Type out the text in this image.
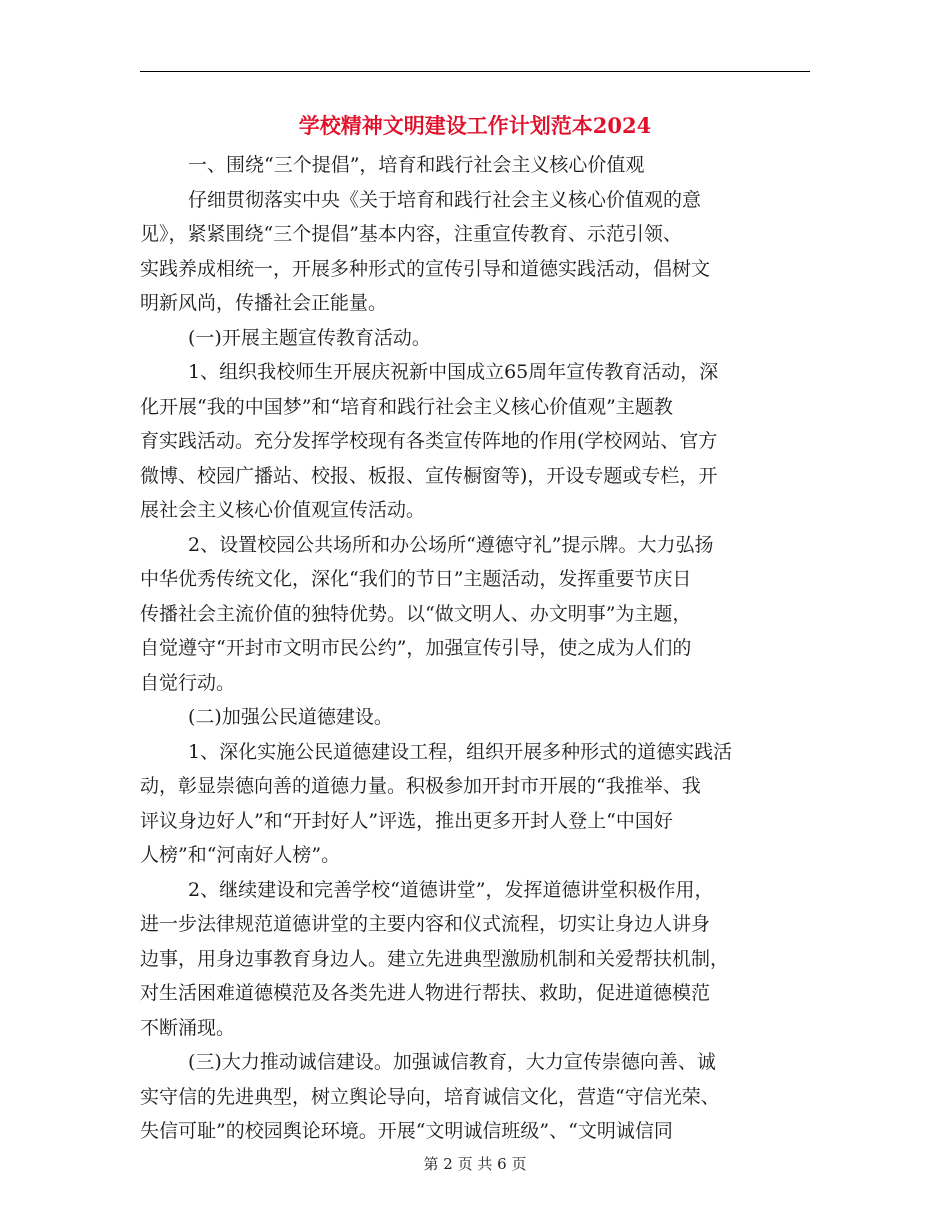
学校精神文明建设工作计划范本2024
一、围绕“三个提倡”，培育和践行社会主义核心价值观
仔细贯彻落实中央《关于培育和践行社会主义核心价值观的意
见》，紧紧围绕“三个提倡”基本内容，注重宣传教育、示范引领、
实践养成相统一，开展多种形式的宣传引导和道德实践活动，倡树文
明新风尚，传播社会正能量。
(一)开展主题宣传教育活动。
1、组织我校师生开展庆祝新中国成立65周年宣传教育活动，深
化开展“我的中国梦”和“培育和践行社会主义核心价值观”主题教
育实践活动。充分发挥学校现有各类宣传阵地的作用(学校网站、官方
微博、校园广播站、校报、板报、宣传橱窗等)，开设专题或专栏，开
展社会主义核心价值观宣传活动。
2、设置校园公共场所和办公场所“遵德守礼”提示牌。大力弘扬
中华优秀传统文化，深化“我们的节日”主题活动，发挥重要节庆日
传播社会主流价值的独特优势。以“做文明人、办文明事”为主题，
自觉遵守“开封市文明市民公约”，加强宣传引导，使之成为人们的
自觉行动。
(二)加强公民道德建设。
1、深化实施公民道德建设工程，组织开展多种形式的道德实践活
动，彰显崇德向善的道德力量。积极参加开封市开展的“我推举、我
评议身边好人”和“开封好人”评选，推出更多开封人登上“中国好
人榜”和“河南好人榜”。
2、继续建设和完善学校“道德讲堂”，发挥道德讲堂积极作用，
进一步法律规范道德讲堂的主要内容和仪式流程，切实让身边人讲身
边事，用身边事教育身边人。建立先进典型激励机制和关爱帮扶机制，
对生活困难道德模范及各类先进人物进行帮扶、救助，促进道德模范
不断涌现。
(三)大力推动诚信建设。加强诚信教育，大力宣传崇德向善、诚
实守信的先进典型，树立舆论导向，培育诚信文化，营造“守信光荣、
失信可耻”的校园舆论环境。开展“文明诚信班级”、“文明诚信同
第 2 页 共 6 页
